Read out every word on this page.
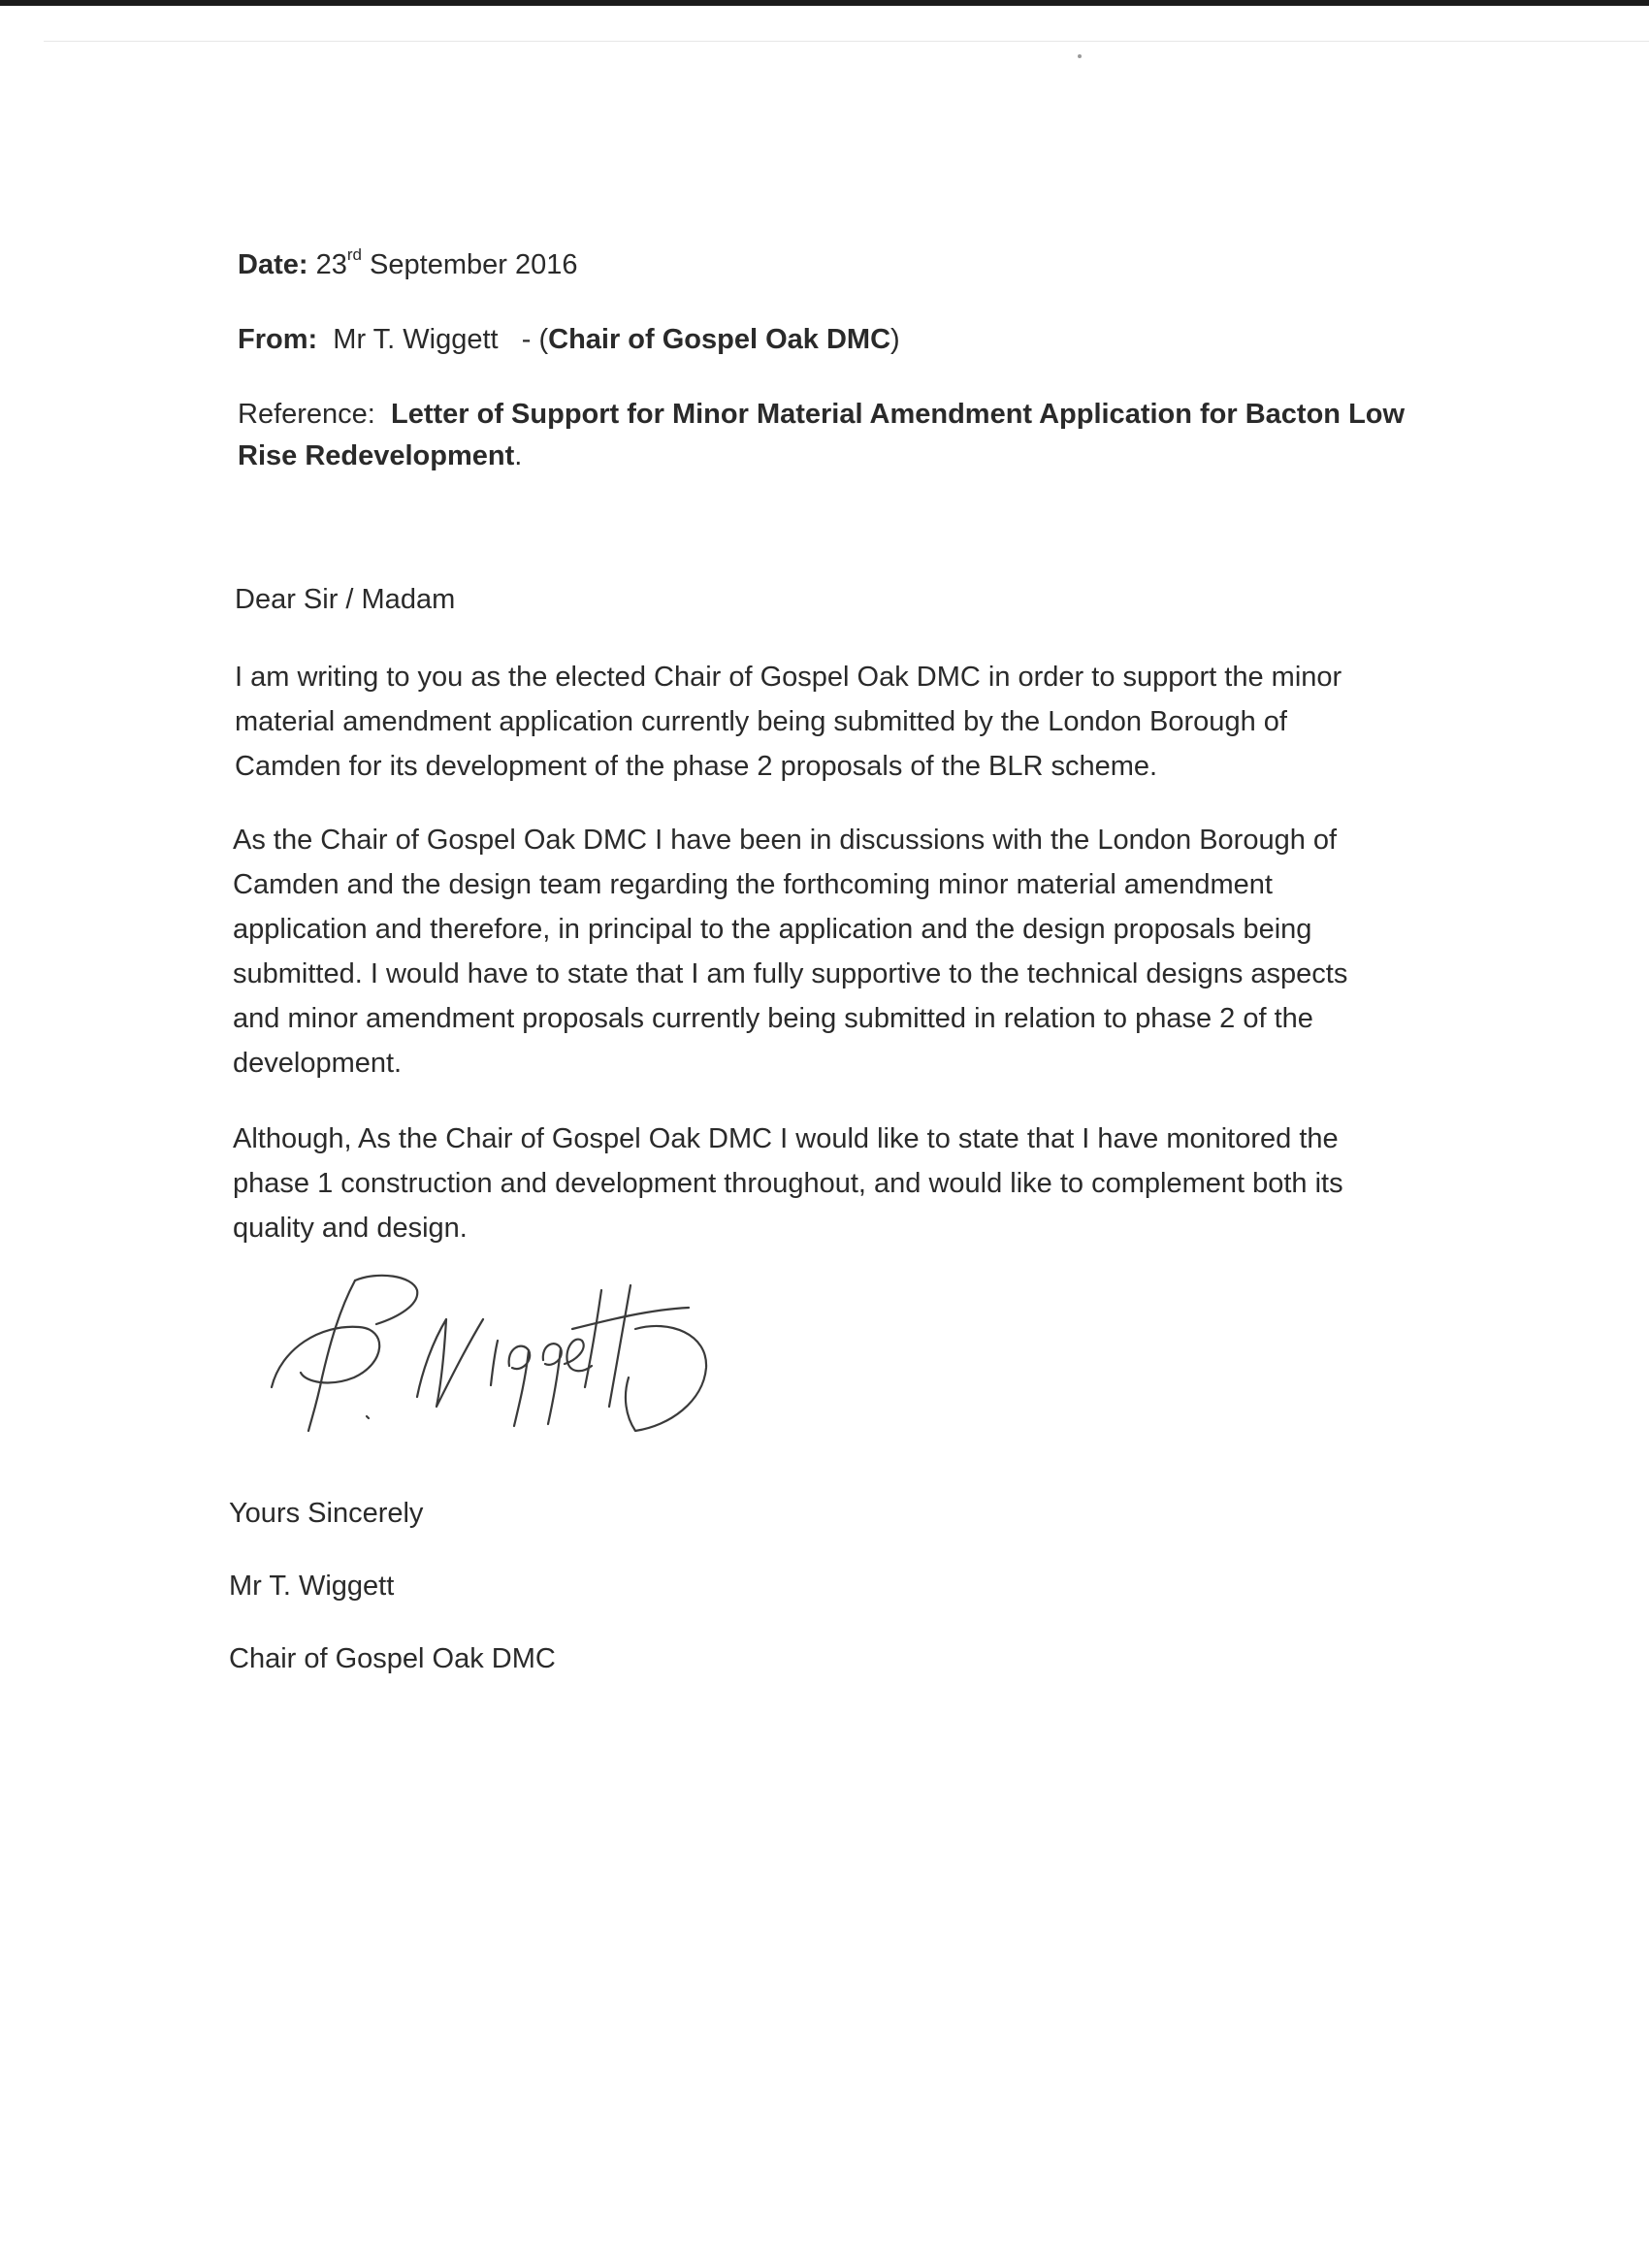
Date: 23rd September 2016
From: Mr T. Wiggett - (Chair of Gospel Oak DMC)
Reference: Letter of Support for Minor Material Amendment Application for Bacton Low
Rise Redevelopment.
Dear Sir / Madam
I am writing to you as the elected Chair of Gospel Oak DMC in order to support the minor
material amendment application currently being submitted by the London Borough of
Camden for its development of the phase 2 proposals of the BLR scheme.
As the Chair of Gospel Oak DMC I have been in discussions with the London Borough of
Camden and the design team regarding the forthcoming minor material amendment
application and therefore, in principal to the application and the design proposals being
submitted. I would have to state that I am fully supportive to the technical designs aspects
and minor amendment proposals currently being submitted in relation to phase 2 of the
development.
Although, As the Chair of Gospel Oak DMC I would like to state that I have monitored the
phase 1 construction and development throughout, and would like to complement both its
quality and design.
Yours Sincerely
Mr T. Wiggett
Chair of Gospel Oak DMC
